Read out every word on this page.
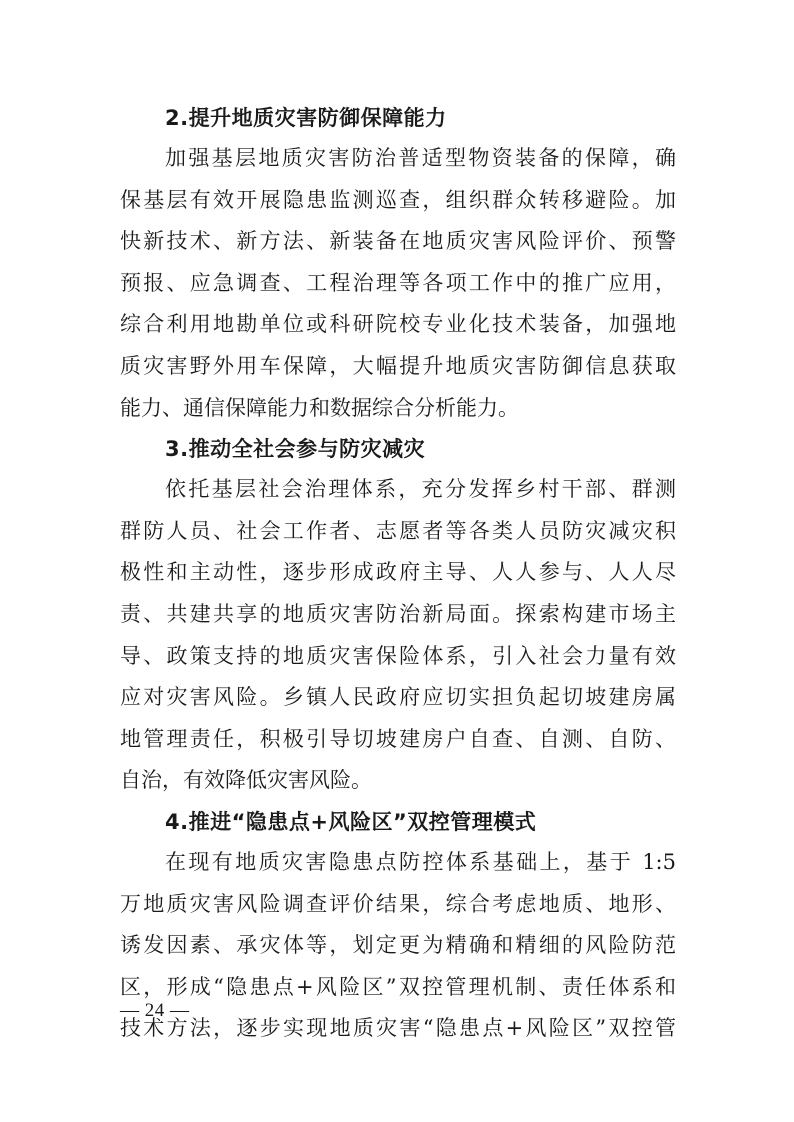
2.提升地质灾害防御保障能力

加强基层地质灾害防治普适型物资装备的保障，确
保基层有效开展隐患监测巡查，组织群众转移避险。加
快新技术、新方法、新装备在地质灾害风险评价、预警
预报、应急调查、工程治理等各项工作中的推广应用，
综合利用地勘单位或科研院校专业化技术装备，加强地
质灾害野外用车保障，大幅提升地质灾害防御信息获取
能力、通信保障能力和数据综合分析能力。

3.推动全社会参与防灾减灾

依托基层社会治理体系，充分发挥乡村干部、群测
群防人员、社会工作者、志愿者等各类人员防灾减灾积
极性和主动性，逐步形成政府主导、人人参与、人人尽
责、共建共享的地质灾害防治新局面。探索构建市场主
导、政策支持的地质灾害保险体系，引入社会力量有效
应对灾害风险。乡镇人民政府应切实担负起切坡建房属
地管理责任，积极引导切坡建房户自查、自测、自防、
自治，有效降低灾害风险。

4.推进“隐患点+风险区”双控管理模式

在现有地质灾害隐患点防控体系基础上，基于 1:5
万地质灾害风险调查评价结果，综合考虑地质、地形、
诱发因素、承灾体等，划定更为精确和精细的风险防范
区，形成“隐患点+风险区”双控管理机制、责任体系和
技术方法，逐步实现地质灾害“隐患点+风险区”双控管

— 24 —
